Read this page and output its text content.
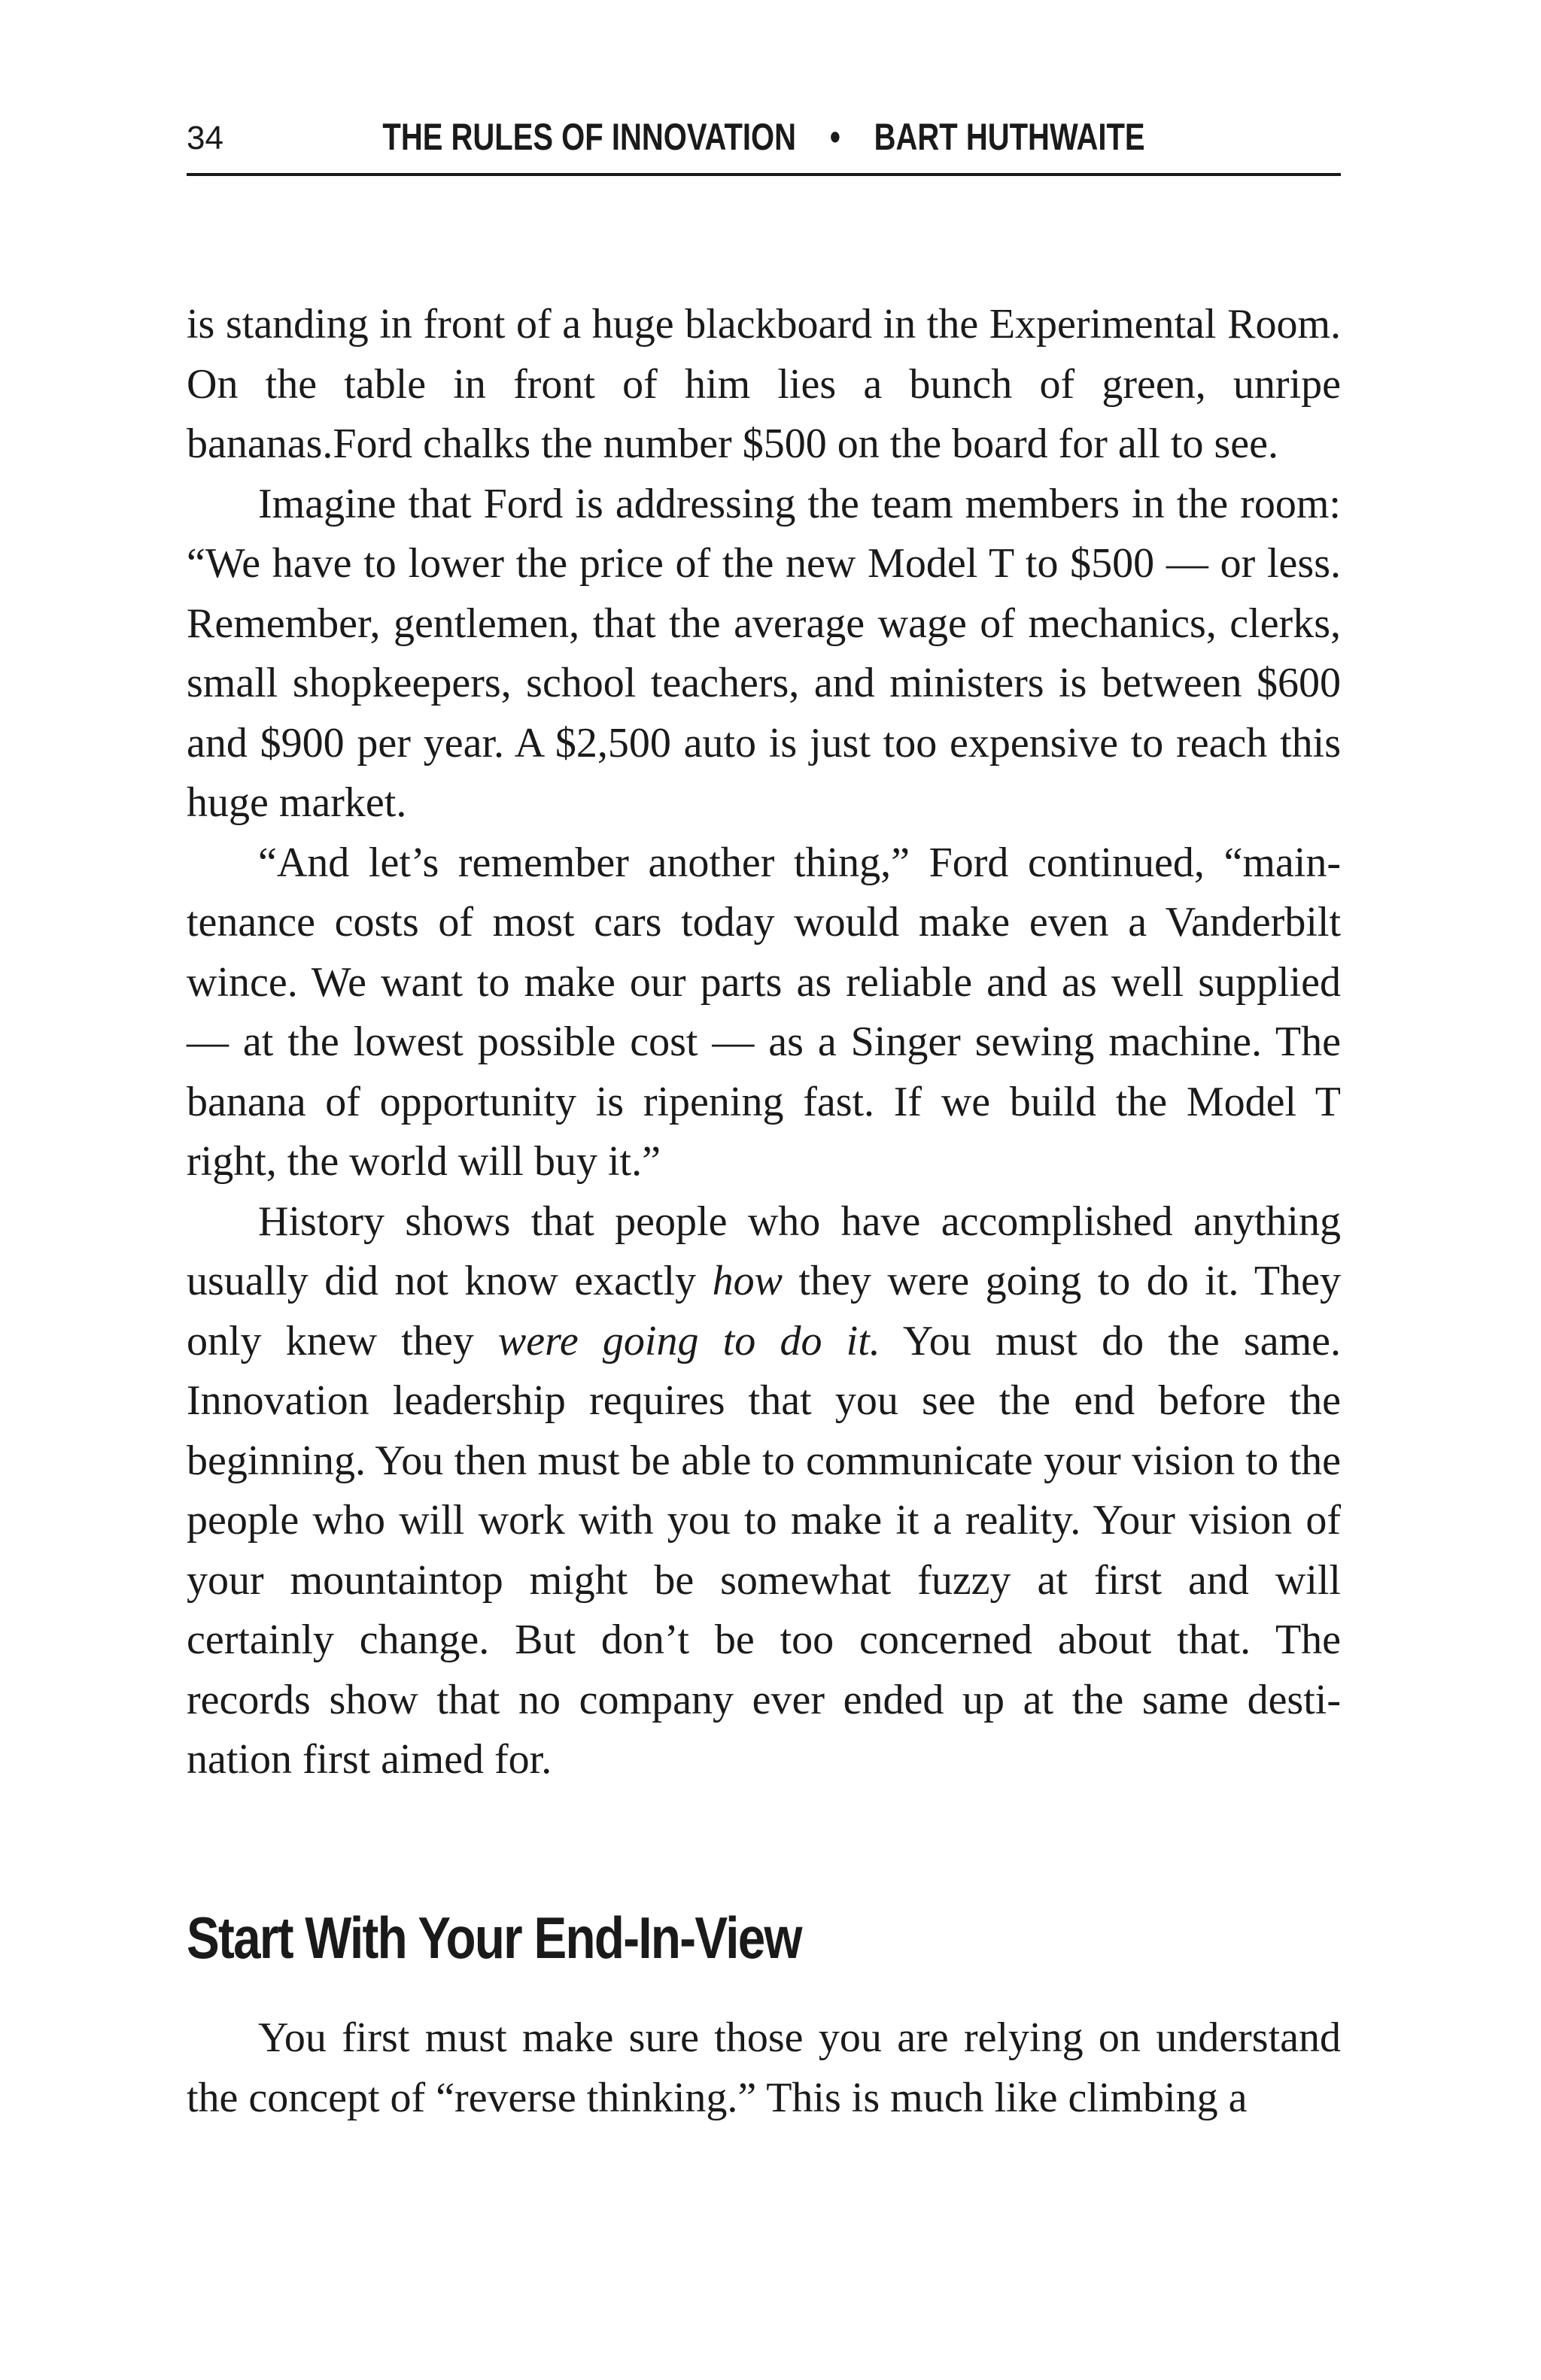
34	THE RULES OF INNOVATION • BART HUTHWAITE

is standing in front of a huge blackboard in the Experimental Room. On the table in front of him lies a bunch of green, unripe bananas.Ford chalks the number $500 on the board for all to see.

Imagine that Ford is addressing the team members in the room: “We have to lower the price of the new Model T to $500 — or less. Remember, gentlemen, that the average wage of mechanics, clerks, small shopkeepers, school teachers, and ministers is between $600 and $900 per year. A $2,500 auto is just too expensive to reach this huge market.

“And let’s remember another thing,” Ford continued, “maintenance costs of most cars today would make even a Vanderbilt wince. We want to make our parts as reliable and as well supplied — at the lowest possible cost — as a Singer sewing machine. The banana of opportunity is ripening fast. If we build the Model T right, the world will buy it.”

History shows that people who have accomplished anything usually did not know exactly how they were going to do it. They only knew they were going to do it. You must do the same. Innovation leadership requires that you see the end before the beginning. You then must be able to communicate your vision to the people who will work with you to make it a reality. Your vision of your mountaintop might be somewhat fuzzy at first and will certainly change. But don’t be too concerned about that. The records show that no company ever ended up at the same destination first aimed for.

Start With Your End-In-View

You first must make sure those you are relying on understand the concept of “reverse thinking.” This is much like climbing a
